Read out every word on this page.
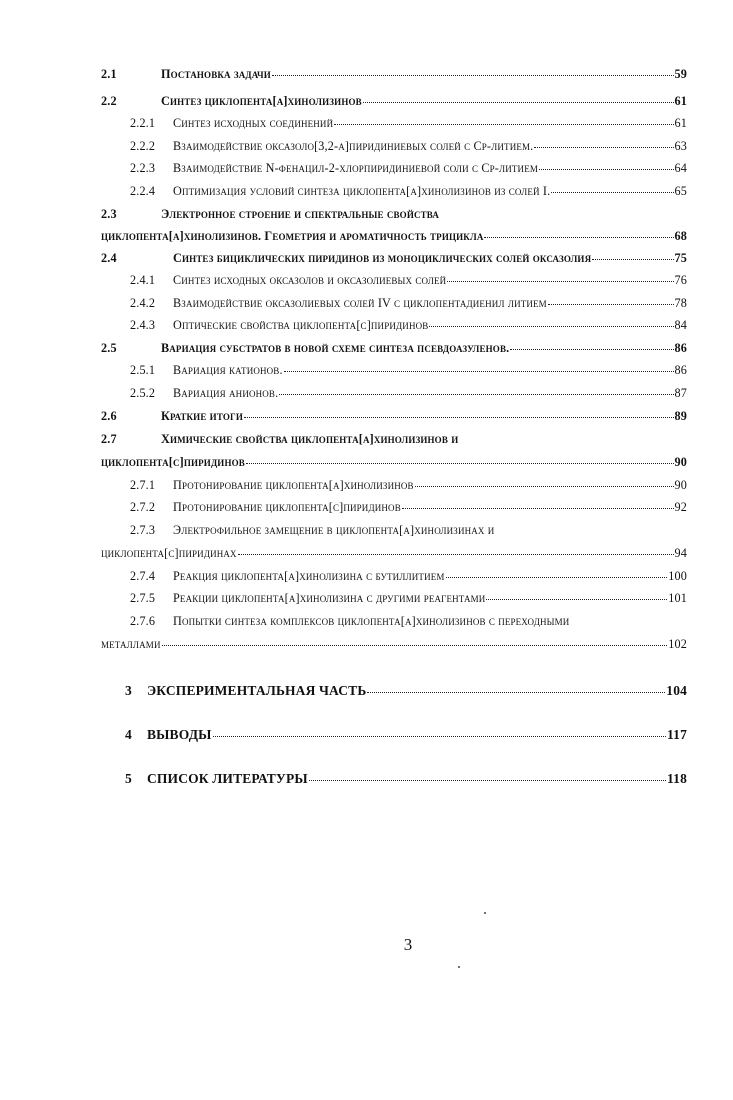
2.1	Постановка задачи	59
2.2	Синтез циклопента[а]хинолизинов	61
2.2.1	Синтез исходных соединений	61
2.2.2	Взаимодействие оксазоло[3,2-а]пиридиниевых солей с Ср-литием.	63
2.2.3	Взаимодействие N-фенацил-2-хлорпиридиниевой соли с Ср-литием	64
2.2.4	Оптимизация условий синтеза циклопента[а]хинолизинов из солей I.	65
2.3	Электронное строение и спектральные свойства
циклопента[а]хинолизинов. Геометрия и ароматичность трицикла	68
2.4	Синтез бициклических пиридинов из моноциклических солей оксазолия	75
2.4.1	Синтез исходных оксазолов и оксазолиевых солей	76
2.4.2	Взаимодействие оксазолиевых солей IV с циклопентадиенил литием	78
2.4.3	Оптические свойства циклопента[с]пиридинов	84
2.5	Вариация субстратов в новой схеме синтеза псевдоазуленов.	86
2.5.1	Вариация катионов.	86
2.5.2	Вариация анионов.	87
2.6	Краткие итоги	89
2.7	Химические свойства циклопента[а]хинолизинов и
циклопента[с]пиридинов	90
2.7.1	Протонирование циклопента[а]хинолизинов	90
2.7.2	Протонирование циклопента[с]пиридинов	92
2.7.3	Электрофильное замещение в циклопента[а]хинолизинах и
циклопента[с]пиридинах	94
2.7.4	Реакция циклопента[а]хинолизина с бутиллитием	100
2.7.5	Реакции циклопента[а]хинолизина с другими реагентами	101
2.7.6	Попытки синтеза комплексов циклопента[а]хинолизинов с переходными
металлами	102
3	ЭКСПЕРИМЕНТАЛЬНАЯ ЧАСТЬ	104
4	ВЫВОДЫ	117
5	СПИСОК ЛИТЕРАТУРЫ	118
3
